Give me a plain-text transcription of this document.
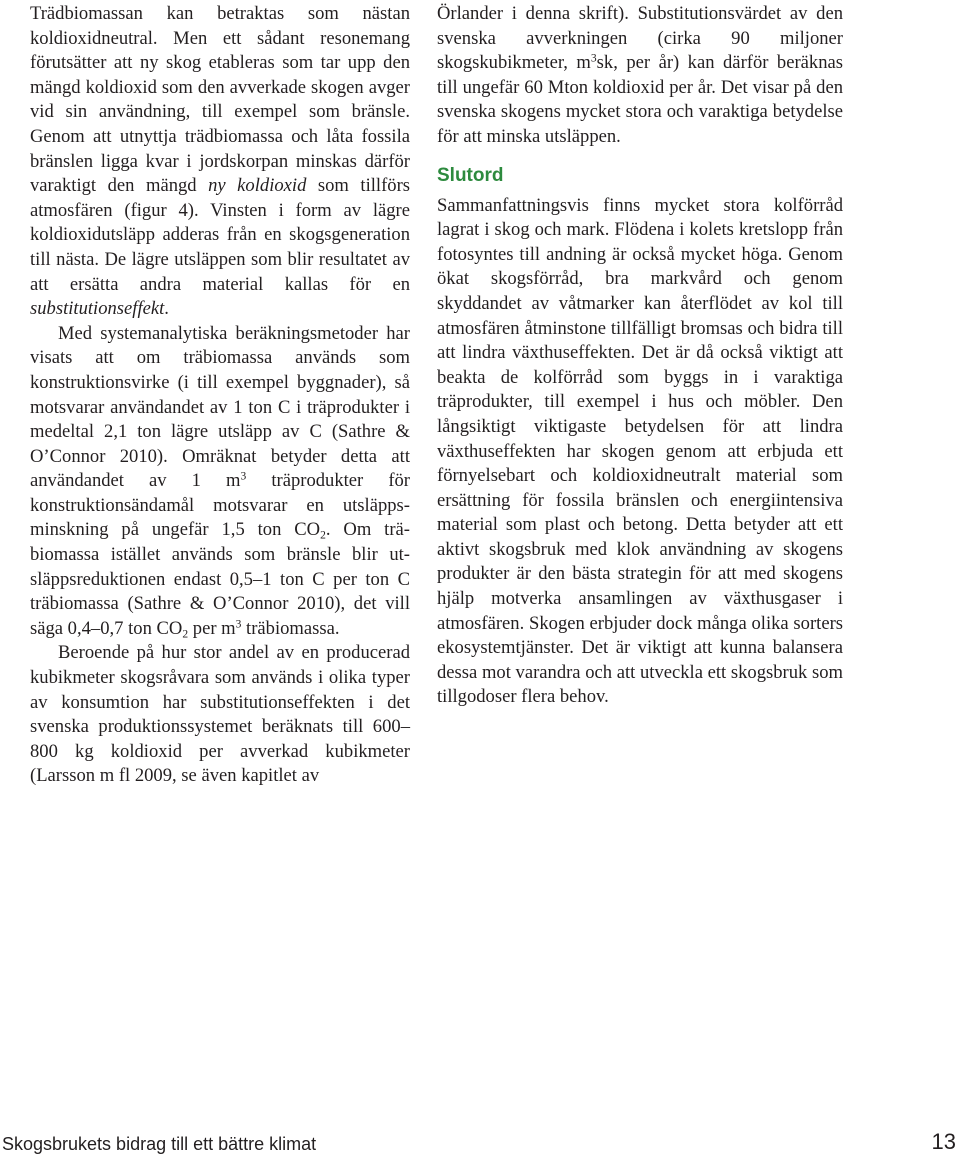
Trädbiomassan kan betraktas som nästan koldioxidneutral. Men ett sådant resonemang förutsätter att ny skog etableras som tar upp den mängd koldioxid som den avverkade skogen avger vid sin användning, till exempel som bränsle. Genom att utnyttja trädbiomassa och låta fossila bränslen ligga kvar i jordskorpan minskas därför varaktigt den mängd ny koldioxid som tillförs atmosfären (figur 4). Vinsten i form av lägre koldioxidutsläpp adderas från en skogsgeneration till nästa. De lägre utsläppen som blir resultatet av att ersätta andra material kallas för en substitutionseffekt.

Med systemanalytiska beräkningsmetoder har visats att om träbiomassa används som konstruktionsvirke (i till exempel byggnader), så motsvarar användandet av 1 ton C i träprodukter i medeltal 2,1 ton lägre utsläpp av C (Sathre & O’Connor 2010). Omräknat betyder detta att användandet av 1 $m^3$ träprodukter för konstruktionsändamål motsvarar en utsläppsminskning på ungefär 1,5 ton $CO_2$. Om träbiomassa istället används som bränsle blir utsläppsreduktionen endast 0,5–1 ton C per ton C träbiomassa (Sathre & O’Connor 2010), det vill säga 0,4–0,7 ton $CO_2$ per $m^3$ träbiomassa.

Beroende på hur stor andel av en producerad kubikmeter skogsråvara som används i olika typer av konsumtion har substitutionseffekten i det svenska produktionssystemet beräknats till 600–800 kg koldioxid per avverkad kubikmeter (Larsson m fl 2009, se även kapitlet av

Örlander i denna skrift). Substitutionsvärdet av den svenska avverkningen (cirka 90 miljoner skogskubikmeter, $m^3sk$, per år) kan därför beräknas till ungefär 60 Mton koldioxid per år. Det visar på den svenska skogens mycket stora och varaktiga betydelse för att minska utsläppen.

Slutord

Sammanfattningsvis finns mycket stora kolförråd lagrat i skog och mark. Flödena i kolets kretslopp från fotosyntes till andning är också mycket höga. Genom ökat skogsförråd, bra markvård och genom skyddandet av våtmarker kan återflödet av kol till atmosfären åtminstone tillfälligt bromsas och bidra till att lindra växthuseffekten. Det är då också viktigt att beakta de kolförråd som byggs in i varaktiga träprodukter, till exempel i hus och möbler. Den långsiktigt viktigaste betydelsen för att lindra växthuseffekten har skogen genom att erbjuda ett förnyelsebart och koldioxidneutralt material som ersättning för fossila bränslen och energiintensiva material som plast och betong. Detta betyder att ett aktivt skogsbruk med klok användning av skogens produkter är den bästa strategin för att med skogens hjälp motverka ansamlingen av växthusgaser i atmosfären. Skogen erbjuder dock många olika sorters ekosystemtjänster. Det är viktigt att kunna balansera dessa mot varandra och att utveckla ett skogsbruk som tillgodoser flera behov.

Skogsbrukets bidrag till ett bättre klimat	13
